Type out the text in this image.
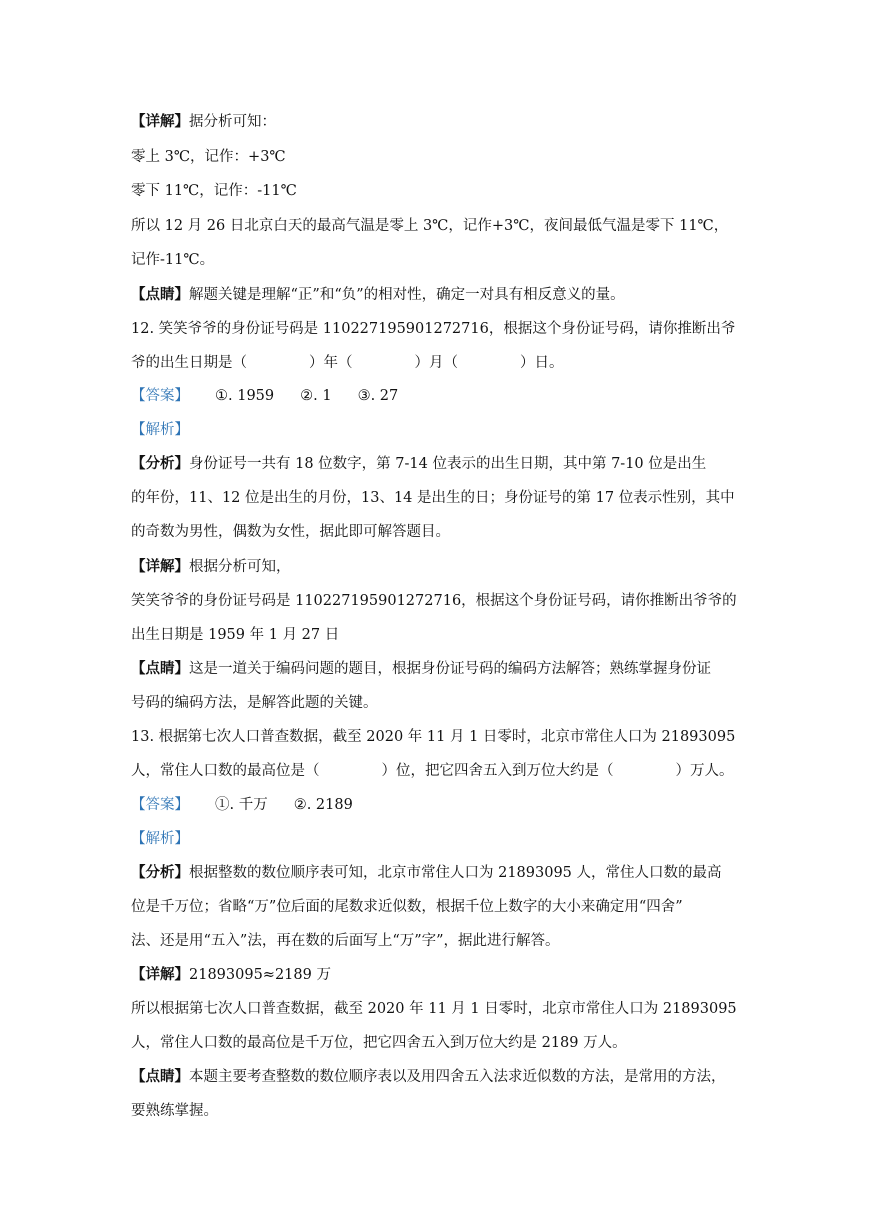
【详解】据分析可知：
零上 3℃，记作：+3℃
零下 11℃，记作：-11℃
所以 12 月 26 日北京白天的最高气温是零上 3℃，记作+3℃，夜间最低气温是零下 11℃，
记作-11℃。
【点睛】解题关键是理解“正”和“负”的相对性，确定一对具有相反意义的量。
12. 笑笑爷爷的身份证号码是 110227195901272716，根据这个身份证号码，请你推断出爷
爷的出生日期是（	）年（	）月（	）日。
【答案】 ①. 1959 ②. 1 ③. 27
【解析】
【分析】身份证号一共有 18 位数字，第 7-14 位表示的出生日期，其中第 7-10 位是出生
的年份，11、12 位是出生的月份，13、14 是出生的日；身份证号的第 17 位表示性别，其中
的奇数为男性，偶数为女性，据此即可解答题目。
【详解】根据分析可知，
笑笑爷爷的身份证号码是 110227195901272716，根据这个身份证号码，请你推断出爷爷的
出生日期是 1959 年 1 月 27 日
【点睛】这是一道关于编码问题的题目，根据身份证号码的编码方法解答；熟练掌握身份证
号码的编码方法，是解答此题的关键。
13. 根据第七次人口普查数据，截至 2020 年 11 月 1 日零时，北京市常住人口为 21893095
人，常住人口数的最高位是（	）位，把它四舍五入到万位大约是（	）万人。
【答案】 ①. 千万 ②. 2189
【解析】
【分析】根据整数的数位顺序表可知，北京市常住人口为 21893095 人，常住人口数的最高
位是千万位；省略“万”位后面的尾数求近似数，根据千位上数字的大小来确定用“四舍”
法、还是用“五入”法，再在数的后面写上“万”字”，据此进行解答。
【详解】21893095≈2189 万
所以根据第七次人口普查数据，截至 2020 年 11 月 1 日零时，北京市常住人口为 21893095
人，常住人口数的最高位是千万位，把它四舍五入到万位大约是 2189 万人。
【点睛】本题主要考查整数的数位顺序表以及用四舍五入法求近似数的方法，是常用的方法，
要熟练掌握。
